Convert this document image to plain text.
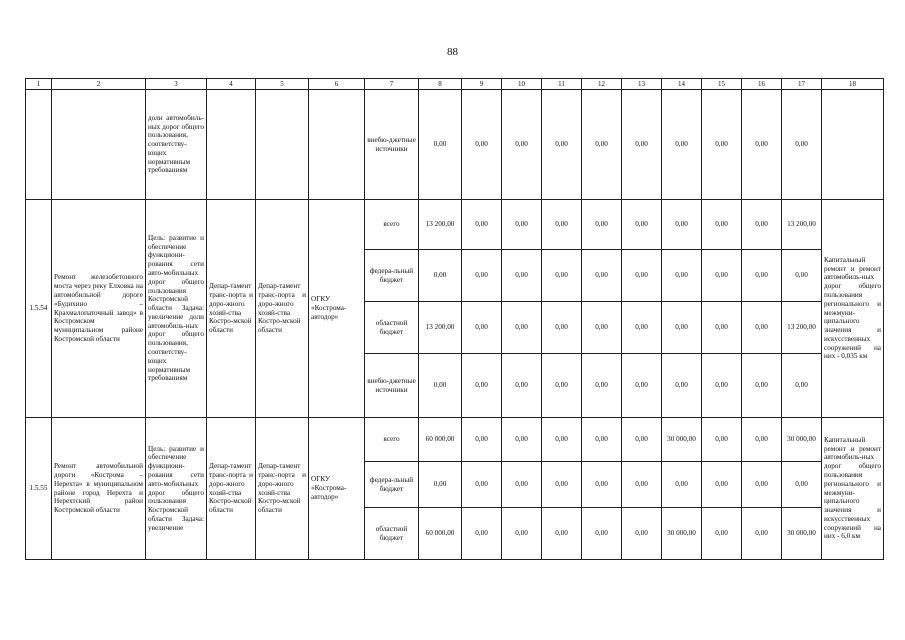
88
1	2	3	4	5	6	7	8	9	10	11	12	13	14	15	16	17	18
		доли автомобиль-ных дорог общего пользования, соответству-ющих нормативным требованиям				внебю-джетные источники	0,00	0,00	0,00	0,00	0,00	0,00	0,00	0,00	0,00	0,00	
1.5.54	Ремонт железобетонного моста через реку Елховка на автомобильной дороге «Будихино – Крахмалопаточный завод» в Костромском муниципальном районе Костромской области	Цель: развитие и обеспечение функциони-рования сети авто-мобильных дорог общего пользования Костромской области Задача: увеличение доли автомобиль-ных дорог общего пользования, соответству-ющих нормативным требованиям	Депар-тамент транс-порта и доро-жного хозяй-ства Костро-мской области	Депар-тамент транс-порта и доро-жного хозяй-ства Костро-мской области	ОГКУ «Кострома-автодор»	всего	13 200,00	0,00	0,00	0,00	0,00	0,00	0,00	0,00	0,00	13 200,00	Капитальный ремонт и ремонт автомобиль-ных дорог общего пользования регионального и межмуни-ципального значения и искусственных сооружений на них - 0,035 км
						федера-льный бюджет	0,00	0,00	0,00	0,00	0,00	0,00	0,00	0,00	0,00	0,00	
						областной бюджет	13 200,00	0,00	0,00	0,00	0,00	0,00	0,00	0,00	0,00	13 200,00	
						внебю-джетные источники	0,00	0,00	0,00	0,00	0,00	0,00	0,00	0,00	0,00	0,00	
1.5.55	Ремонт автомобильной дороги «Кострома – Нерехта» в муниципальном районе город Нерехта и Нерехтский район Костромской области	Цель: развитие и обеспечение функциони-рования сети авто-мобильных дорог общего пользования Костромской области Задача: увеличение	Депар-тамент транс-порта и доро-жного хозяй-ства Костро-мской области	Депар-тамент транс-порта и доро-жного хозяй-ства Костро-мской области	ОГКУ «Кострома-автодор»	всего	60 000,00	0,00	0,00	0,00	0,00	0,00	30 000,00	0,00	0,00	30 000,00	Капитальный ремонт и ремонт автомобиль-ных дорог общего пользования регионального и межмуни-ципального значения и искусственных сооружений на них - 6,0 км
						федера-льный бюджет	0,00	0,00	0,00	0,00	0,00	0,00	0,00	0,00	0,00	0,00	
						областной бюджет	60 000,00	0,00	0,00	0,00	0,00	0,00	30 000,00	0,00	0,00	30 000,00	
